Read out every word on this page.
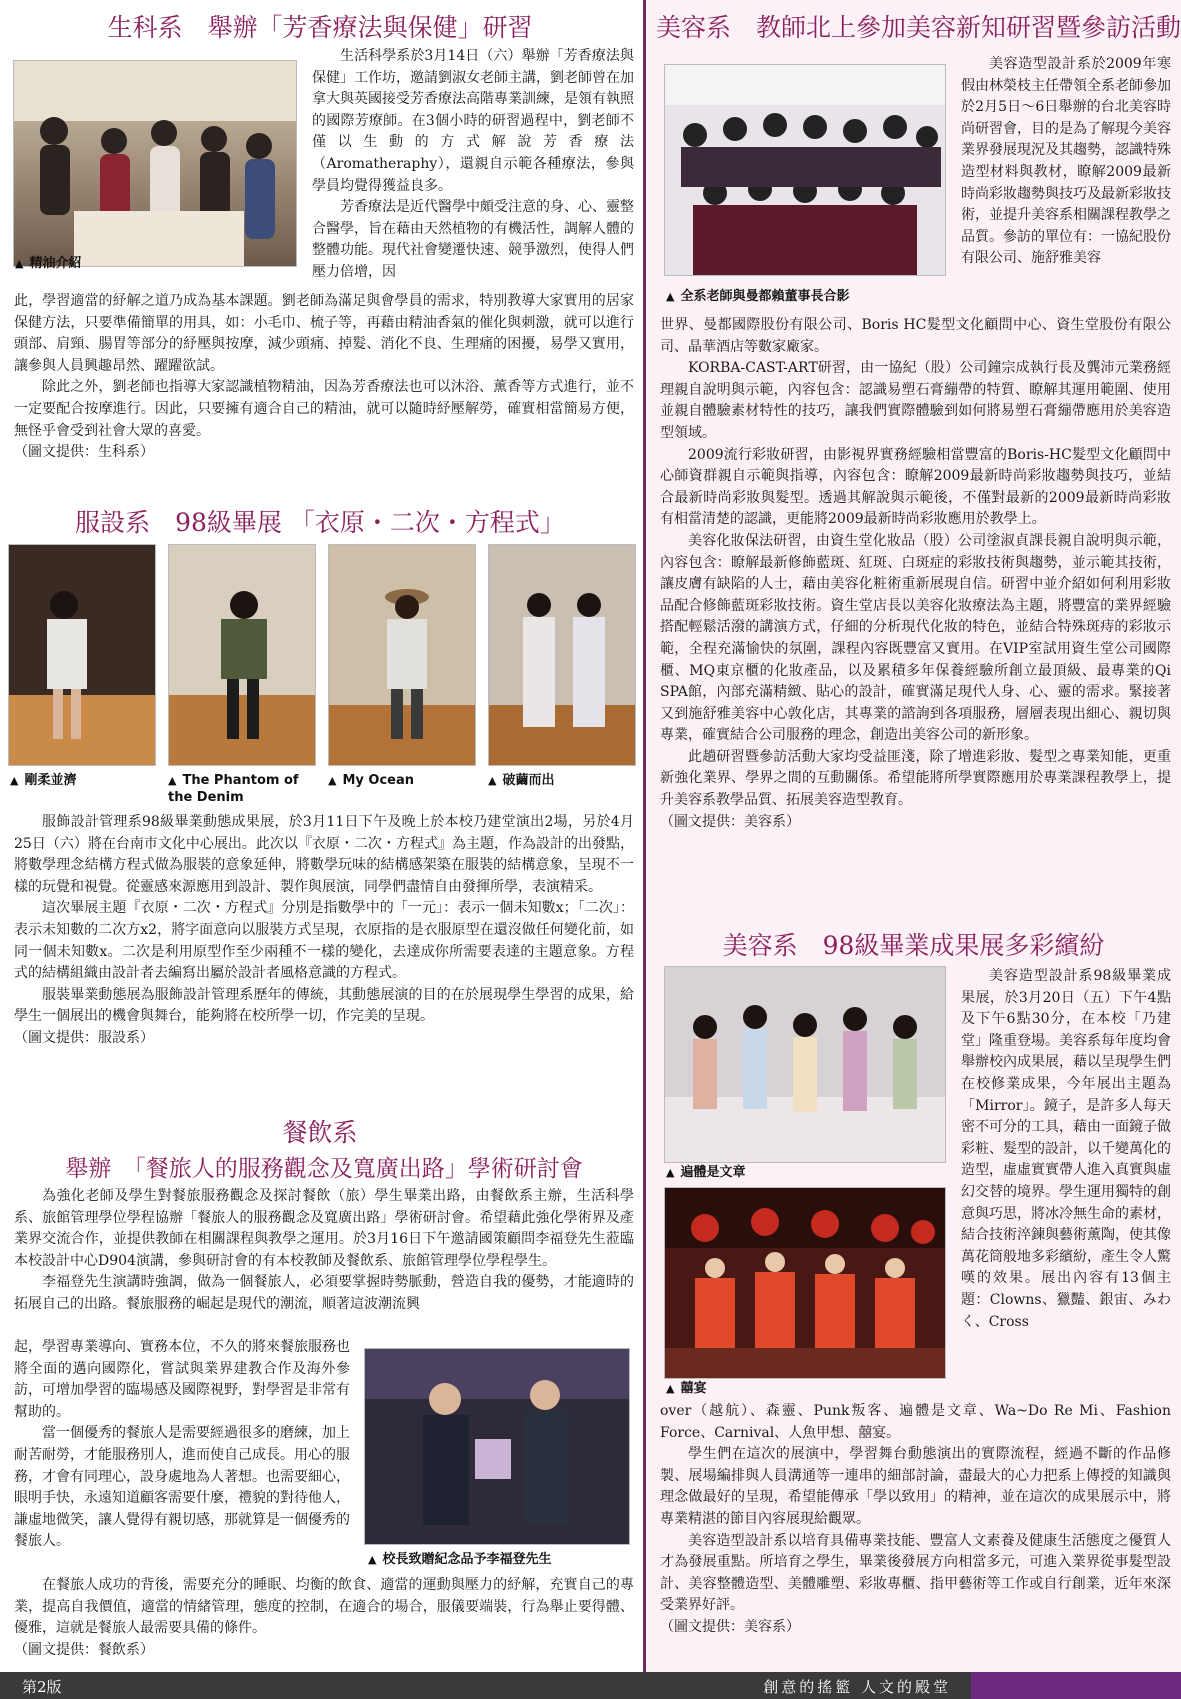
生科系　舉辦「芳香療法與保健」研習
▲ 精油介紹

生活科學系於3月14日（六）舉辦「芳香療法與保健」工作坊，邀請劉淑女老師主講，劉老師曾在加拿大與英國接受芳香療法高階專業訓練，是領有執照的國際芳療師。在3個小時的研習過程中，劉老師不僅以生動的方式解說芳香療法（Aromatheraphy），還親自示範各種療法，參與學員均覺得獲益良多。

芳香療法是近代醫學中頗受注意的身、心、靈整合醫學，旨在藉由天然植物的有機活性，調解人體的整體功能。現代社會變遷快速、競爭激烈，使得人們壓力倍增，因

此，學習適當的紓解之道乃成為基本課題。劉老師為滿足與會學員的需求，特別教導大家實用的居家保健方法，只要準備簡單的用具，如：小毛巾、梳子等，再藉由精油香氣的催化與刺激，就可以進行頭部、肩頸、腸胃等部分的紓壓與按摩，減少頭痛、掉髮、消化不良、生理痛的困擾，易學又實用，讓參與人員興趣昂然、躍躍欲試。

除此之外，劉老師也指導大家認識植物精油，因為芳香療法也可以沐浴、薰香等方式進行，並不一定要配合按摩進行。因此，只要擁有適合自己的精油，就可以隨時紓壓解勞，確實相當簡易方便，無怪乎會受到社會大眾的喜愛。

（圖文提供：生科系）

服設系　98級畢展 「衣原・二次・方程式」
▲ 剛柔並濟	▲ The Phantom of the Denim
▲ My Ocean	▲ 破繭而出

服飾設計管理系98級畢業動態成果展，於3月11日下午及晚上於本校乃建堂演出2場，另於4月25日（六）將在台南市文化中心展出。此次以『衣原・二次・方程式』為主題，作為設計的出發點，將數學理念結構方程式做為服裝的意象延伸，將數學玩味的結構感架築在服裝的結構意象，呈現不一樣的玩覺和視覺。從靈感來源應用到設計、製作與展演，同學們盡情自由發揮所學，表演精采。

這次畢展主題『衣原・二次・方程式』分別是指數學中的「一元」：表示一個未知數x；「二次」：表示未知數的二次方x2，將字面意向以服裝方式呈現，衣原指的是衣服原型在還沒做任何變化前，如同一個未知數x。二次是利用原型作至少兩種不一樣的變化，去達成你所需要表達的主題意象。方程式的結構組織由設計者去編寫出屬於設計者風格意識的方程式。

服裝畢業動態展為服飾設計管理系歷年的傳統，其動態展演的目的在於展現學生學習的成果，給學生一個展出的機會與舞台，能夠將在校所學一切，作完美的呈現。

（圖文提供：服設系）

餐飲系
舉辦　「餐旅人的服務觀念及寬廣出路」學術研討會

為強化老師及學生對餐旅服務觀念及探討餐飲（旅）學生畢業出路，由餐飲系主辦，生活科學系、旅館管理學位學程協辦「餐旅人的服務觀念及寬廣出路」學術研討會。希望藉此強化學術界及產業界交流合作，並提供教師在相關課程與教學之運用。於3月16日下午邀請國策顧問李福登先生蒞臨本校設計中心D904演講，參與研討會的有本校教師及餐飲系、旅館管理學位學程學生。

李福登先生演講時強調，做為一個餐旅人，必須要掌握時勢脈動，營造自我的優勢，才能適時的拓展自己的出路。餐旅服務的崛起是現代的潮流，順著這波潮流興

▲ 校長致贈紀念品予李福登先生

起，學習專業導向、實務本位，不久的將來餐旅服務也將全面的邁向國際化，嘗試與業界建教合作及海外參訪，可增加學習的臨場感及國際視野，對學習是非常有幫助的。

當一個優秀的餐旅人是需要經過很多的磨練，加上耐苦耐勞，才能服務別人，進而使自己成長。用心的服務，才會有同理心，設身處地為人著想。也需要細心，眼明手快，永遠知道顧客需要什麼，禮貌的對待他人，謙虛地微笑，讓人覺得有親切感，那就算是一個優秀的餐旅人。

在餐旅人成功的背後，需要充分的睡眠、均衡的飲食、適當的運動與壓力的紓解，充實自己的專業，提高自我價值，適當的情緒管理，態度的控制，在適合的場合，服儀要端裝，行為舉止要得體、優雅，這就是餐旅人最需要具備的條件。

（圖文提供：餐飲系）

美容系　教師北上參加美容新知研習暨參訪活動
▲ 全系老師與曼都賴董事長合影

美容造型設計系於2009年寒假由林榮枝主任帶領全系老師參加於2月5日～6日舉辦的台北美容時尚研習會，目的是為了解現今美容業界發展現況及其趨勢，認識特殊造型材料與教材，瞭解2009最新時尚彩妝趨勢與技巧及最新彩妝技術，並提升美容系相關課程教學之品質。參訪的單位有：一協紀股份有限公司、施舒雅美容

世界、曼都國際股份有限公司、Boris HC髮型文化顧問中心、資生堂股份有限公司、晶華酒店等數家廠家。

KORBA-CAST-ART研習，由一協紀（股）公司鐘宗成執行長及龔沛元業務經理親自說明與示範，內容包含：認識易塑石膏繃帶的特質、瞭解其運用範圍、使用並親自體驗素材特性的技巧，讓我們實際體驗到如何將易塑石膏繃帶應用於美容造型領域。

2009流行彩妝研習，由影視界實務經驗相當豐富的Boris-HC髮型文化顧問中心師資群親自示範與指導，內容包含：瞭解2009最新時尚彩妝趨勢與技巧，並結合最新時尚彩妝與髮型。透過其解說與示範後，不僅對最新的2009最新時尚彩妝有相當清楚的認識，更能將2009最新時尚彩妝應用於教學上。

美容化妝保法研習，由資生堂化妝品（股）公司塗淑貞課長親自說明與示範，內容包含：瞭解最新修飾藍斑、紅斑、白斑症的彩妝技術與趨勢，並示範其技術，讓皮膚有缺陷的人士，藉由美容化粧術重新展現自信。研習中並介紹如何利用彩妝品配合修飾藍斑彩妝技術。資生堂店長以美容化妝療法為主題，將豐富的業界經驗搭配輕鬆活潑的講演方式，仔細的分析現代化妝的特色，並結合特殊斑痔的彩妝示範，全程充滿愉快的氛圍，課程內容既豐富又實用。在VIP室試用資生堂公司國際櫃、MQ東京櫃的化妝產品，以及累積多年保養經驗所創立最頂級、最專業的Qi SPA館，內部充滿精緻、貼心的設計，確實滿足現代人身、心、靈的需求。緊接著又到施舒雅美容中心敦化店，其專業的諮詢到各項服務，層層表現出細心、親切與專業，確實結合公司服務的理念，創造出美容公司的新形象。

此趟研習暨參訪活動大家均受益匪淺，除了增進彩妝、髮型之專業知能，更重新強化業界、學界之間的互動關係。希望能將所學實際應用於專業課程教學上，提升美容系教學品質、拓展美容造型教育。

（圖文提供：美容系）

美容系　98級畢業成果展多彩繽紛
▲ 遍體是文章
▲ 囍宴

美容造型設計系98級畢業成果展，於3月20日（五）下午4點及下午6點30分，在本校「乃建堂」隆重登場。美容系每年度均會舉辦校內成果展，藉以呈現學生們在校修業成果，今年展出主題為「Mirror」。鏡子，是許多人每天密不可分的工具，藉由一面鏡子做彩粧、髮型的設計，以千變萬化的造型，虛虛實實帶人進入真實與虛幻交替的境界。學生運用獨特的創意與巧思，將冰冷無生命的素材，結合技術淬鍊與藝術薰陶，使其像萬花筒般地多彩繽紛，產生令人驚嘆的效果。展出內容有13個主題：Clowns、獵豔、銀宙、みわく、Cross

over（越航）、森靈、Punk叛客、遍體是文章、Wa~Do Re Mi、Fashion Force、Carnival、人魚甲想、囍宴。

學生們在這次的展演中，學習舞台動態演出的實際流程，經過不斷的作品修製、展場編排與人員溝通等一連串的細部討論，盡最大的心力把系上傳授的知識與理念做最好的呈現，希望能傳承「學以致用」的精神，並在這次的成果展示中，將專業精湛的節目內容展現給觀眾。

美容造型設計系以培育具備專業技能、豐富人文素養及健康生活態度之優質人才為發展重點。所培育之學生，畢業後發展方向相當多元，可進入業界從事髮型設計、美容整體造型、美體雕塑、彩妝專櫃、指甲藝術等工作或自行創業，近年來深受業界好評。

（圖文提供：美容系）

第2版	創意的搖籃 人文的殿堂
